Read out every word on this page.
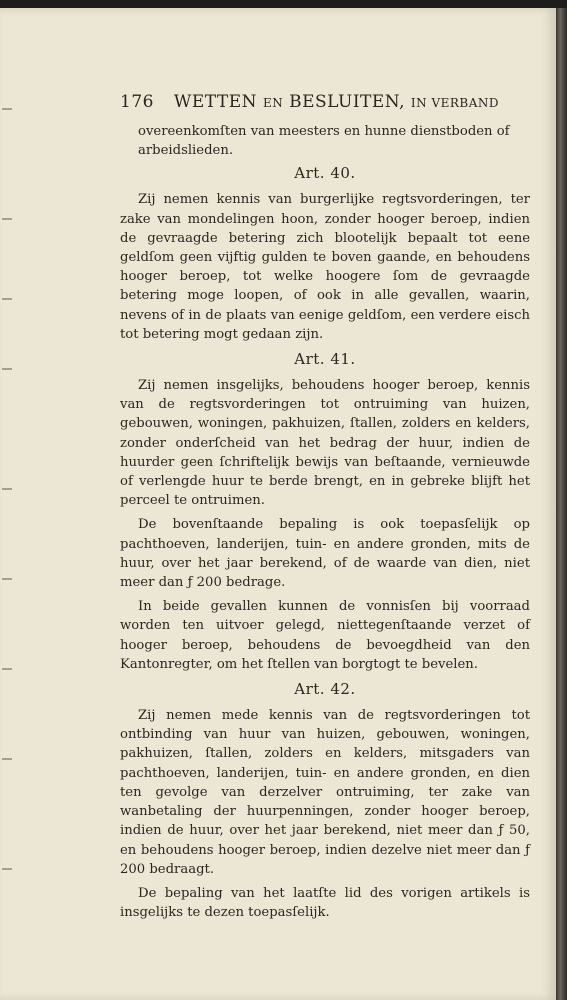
176 WETTEN EN BESLUITEN, IN VERBAND

overeenkomſten van meesters en hunne dienstboden of arbeidslieden.

Art. 40.

Zij nemen kennis van burgerlijke regtsvorderingen, ter zake van mondelingen hoon, zonder hooger beroep, indien de gevraagde betering zich blootelijk bepaalt tot eene geldſom geen vijftig gulden te boven gaande, en behoudens hooger beroep, tot welke hoogere ſom de gevraagde betering moge loopen, of ook in alle gevallen, waarin, nevens of in de plaats van eenige geldſom, een verdere eisch tot betering mogt gedaan zijn.

Art. 41.

Zij nemen insgelijks, behoudens hooger beroep, kennis van de regtsvorderingen tot ontruiming van huizen, gebouwen, woningen, pakhuizen, ſtallen, zolders en kelders, zonder onderſcheid van het bedrag der huur, indien de huurder geen ſchriftelijk bewijs van beſtaande, vernieuwde of verlengde huur te berde brengt, en in gebreke blijft het perceel te ontruimen.

De bovenſtaande bepaling is ook toepasſelijk op pachthoeven, landerijen, tuin- en andere gronden, mits de huur, over het jaar berekend, of de waarde van dien, niet meer dan ƒ 200 bedrage.

In beide gevallen kunnen de vonnisſen bij voorraad worden ten uitvoer gelegd, niettegenſtaande verzet of hooger beroep, behoudens de bevoegdheid van den Kantonregter, om het ſtellen van borgtogt te bevelen.

Art. 42.

Zij nemen mede kennis van de regtsvorderingen tot ontbinding van huur van huizen, gebouwen, woningen, pakhuizen, ſtallen, zolders en kelders, mitsgaders van pachthoeven, landerijen, tuin- en andere gronden, en dien ten gevolge van derzelver ontruiming, ter zake van wanbetaling der huurpenningen, zonder hooger beroep, indien de huur, over het jaar berekend, niet meer dan ƒ 50, en behoudens hooger beroep, indien dezelve niet meer dan ƒ 200 bedraagt.

De bepaling van het laatſte lid des vorigen artikels is insgelijks te dezen toepasſelijk.
